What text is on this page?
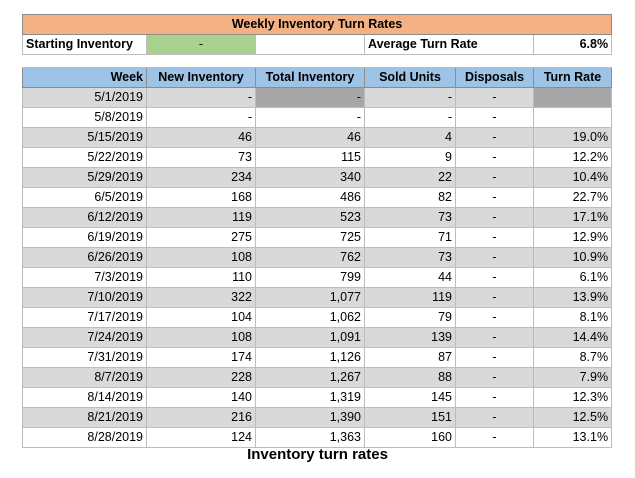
Weekly Inventory Turn Rates					
Starting Inventory	-		Average Turn Rate		6.8%

Week	New Inventory	Total Inventory	Sold Units	Disposals	Turn Rate
5/1/2019	-	-	-	-	
5/8/2019	-	-	-	-	
5/15/2019	46	46	4	-	19.0%
5/22/2019	73	115	9	-	12.2%
5/29/2019	234	340	22	-	10.4%
6/5/2019	168	486	82	-	22.7%
6/12/2019	119	523	73	-	17.1%
6/19/2019	275	725	71	-	12.9%
6/26/2019	108	762	73	-	10.9%
7/3/2019	110	799	44	-	6.1%
7/10/2019	322	1,077	119	-	13.9%
7/17/2019	104	1,062	79	-	8.1%
7/24/2019	108	1,091	139	-	14.4%
7/31/2019	174	1,126	87	-	8.7%
8/7/2019	228	1,267	88	-	7.9%
8/14/2019	140	1,319	145	-	12.3%
8/21/2019	216	1,390	151	-	12.5%
8/28/2019	124	1,363	160	-	13.1%
Inventory turn rates
